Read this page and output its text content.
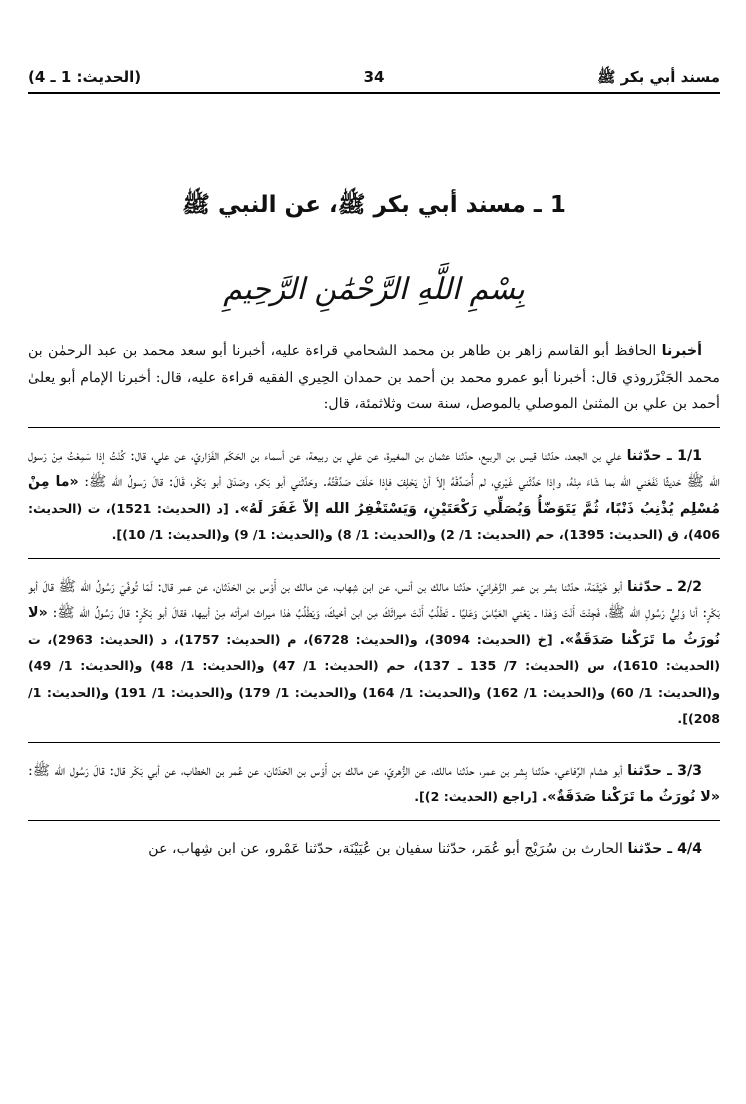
مسند أبي بكر ﷺ
34
(الحديث: 1 ـ 4)
1 ـ مسند أبي بكر ﷺ، عن النبي ﷺ
بِسْمِ اللَّهِ الرَّحْمَٰنِ الرَّحِيمِ

أخبرنا الحافظ أبو القاسم زاهر بن طاهر بن محمد الشحامي قراءة عليه، أخبرنا أبو سعد محمد بن عبد الرحمٰن بن محمد الجَنْزَروذي قال: أخبرنا أبو عمرو محمد بن أحمد بن حمدان الحِيري الفقيه قراءة عليه، قال: أخبرنا الإمام أبو يعلىٰ أحمد بن علي بن المثنىٰ الموصلي بالموصل، سنة ست وثلاثمئة، قال:

1/1 ـ حدّثنا علي بن الجعد، حدّثنا قيس بن الربيع، حدّثنا عثمان بن المغيرة، عن علي بن ربيعة، عن أسماء بن الحَكَم الفَزَاريّ، عن علي، قال: كُنْتُ إذا سَمِعْتُ مِنْ رَسول الله ﷺ حَديثًا نَفَعَني الله بما شَاءَ مِنْهُ، وإذا حَدَّثَني غَيْري، لم أُصَدِّقْهُ إلاّ أنْ يَحْلِفَ فإذا حَلَفَ صَدَّقْتُهُ. وحَدَّثَني أبو بَكر، وصَدَقَ أبو بَكْر، قَالَ: قالَ رَسولُ الله ﷺ: «ما مِنْ مُسْلِم يُذْنِبُ ذَنْبًا، ثُمَّ يَتَوَضّأُ وَيُصَلِّي رَكْعَتَيْنِ، وَيَسْتَغْفِرُ الله إلاّ غَفَرَ لَهُ». [د (الحديث: 1521)، ت (الحديث: 406)، ق (الحديث: 1395)، حم (الحديث: 1/ 2) و(الحديث: 1/ 8) و(الحديث: 1/ 9) و(الحديث: 1/ 10)].

2/2 ـ حدّثنا أبو خَيْثَمَة، حدّثنا بشر بن عمر الزَّهْرانيّ، حدّثنا مالك بن أنس، عن ابن شِهاب، عن مالك بن أَوْس بن الحَدَثان، عن عمر قال: لَمّا تُوفّيَ رَسُولُ الله ﷺ قالَ أبو بَكْرٍ: أنا وَلِيُّ رَسُولِ الله ﷺ، فَجِئْتَ أَنْتَ وَهٰذا ـ يَعْني العَبَّاسَ وَعَليًا ـ تَطْلُبُ أَنْتَ ميراثَكَ مِن ابن أخيكَ، وَيَطْلُبُ هٰذا ميراث امرأته مِنْ أبيها، فقالَ أبو بَكْرٍ: قالَ رَسُولُ الله ﷺ: «لا نُورَثُ ما تَرَكْنا صَدَقَةٌ». [خ (الحديث: 3094)، و(الحديث: 6728)، م (الحديث: 1757)، د (الحديث: 2963)، ت (الحديث: 1610)، س (الحديث: 7/ 135 ـ 137)، حم (الحديث: 1/ 47) و(الحديث: 1/ 48) و(الحديث: 1/ 49) و(الحديث: 1/ 60) و(الحديث: 1/ 162) و(الحديث: 1/ 164) و(الحديث: 1/ 179) و(الحديث: 1/ 191) و(الحديث: 1/ 208)].

3/3 ـ حدّثنا أبو هشام الرِّفاعي، حدّثنا بِشر بن عمر، حدّثنا مالك، عن الزُّهريّ، عن مالك بن أَوْس بن الحَدَثان، عن عُمر بن الخطاب، عن أبي بَكْر قال: قالَ رَسُول الله ﷺ: «لا نُورَثُ ما تَرَكْنا صَدَقَةٌ». [راجع (الحديث: 2)].

4/4 ـ حدّثنا الحارث بن سُرَيْج أبو عُمَر، حدّثنا سفيان بن عُيَيْنَة، حدّثنا عَمْرو، عن ابن شِهاب، عن
